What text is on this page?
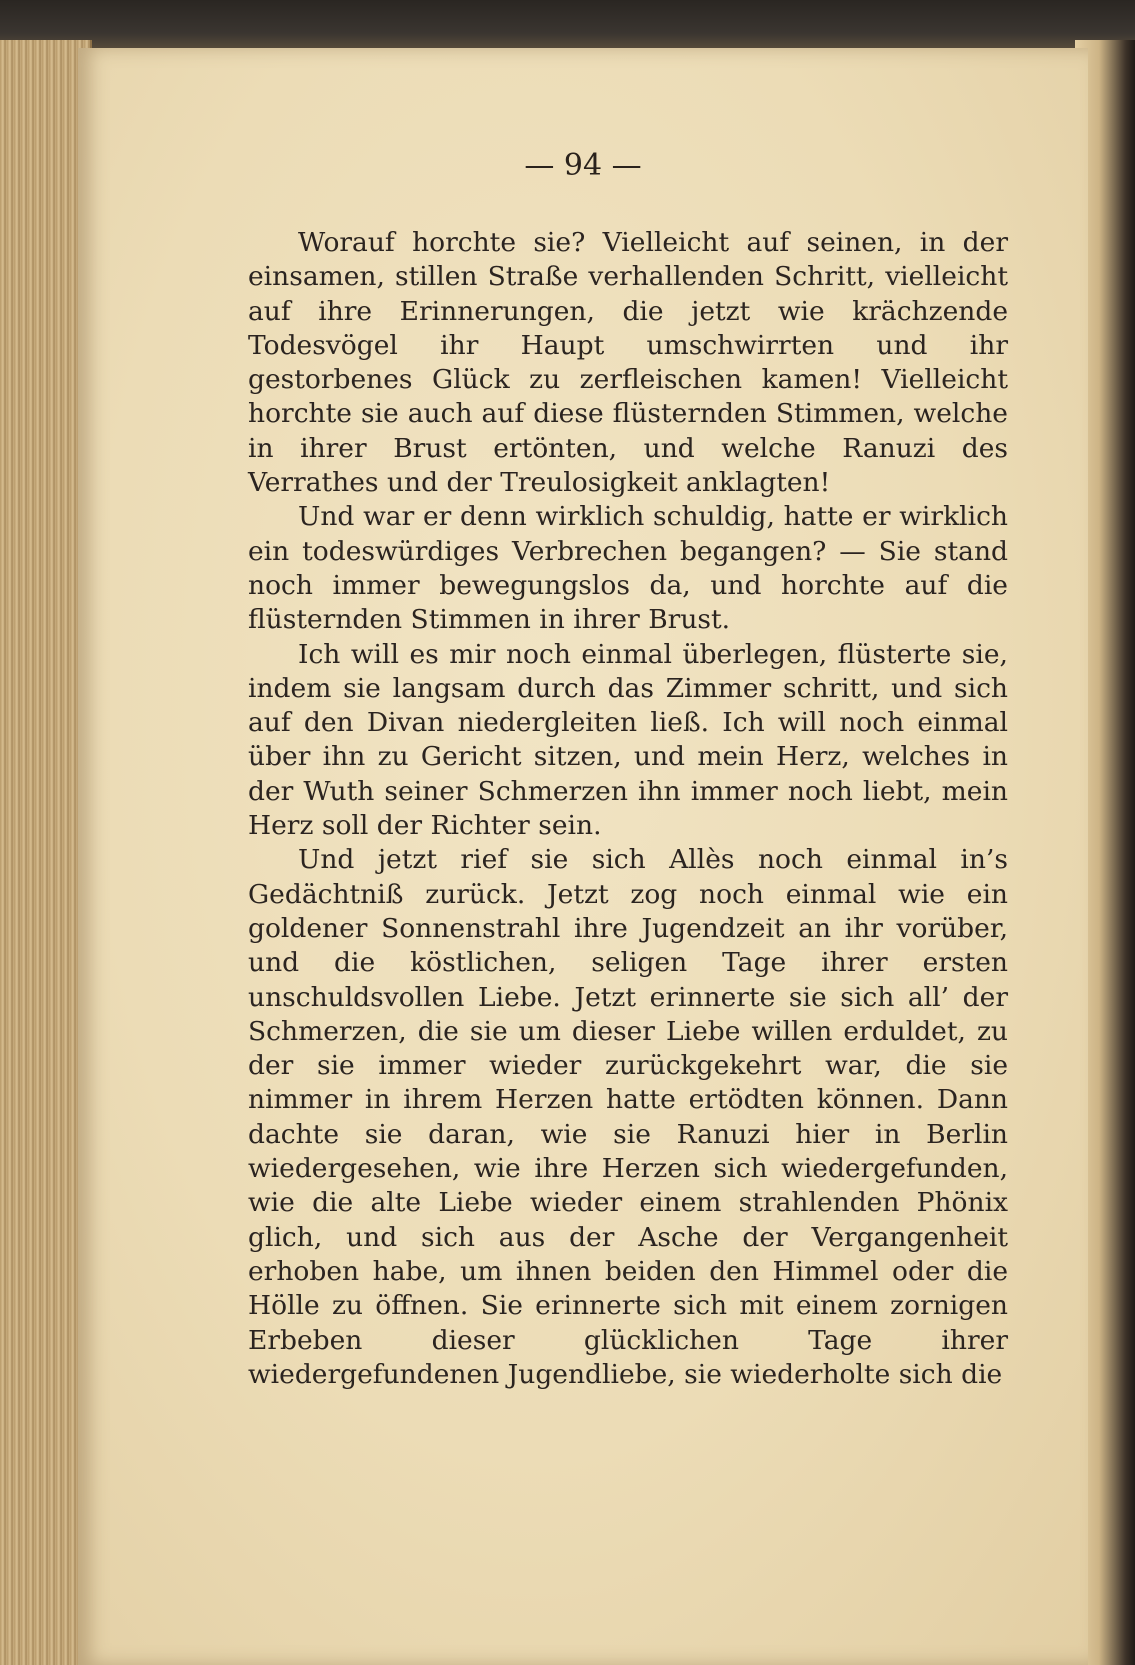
— 94 —

Worauf horchte sie? Vielleicht auf seinen, in der einsamen, stillen Straße verhallenden Schritt, vielleicht auf ihre Erinnerungen, die jetzt wie krächzende Todesvögel ihr Haupt umschwirrten und ihr gestorbenes Glück zu zerfleischen kamen! Vielleicht horchte sie auch auf diese flüsternden Stimmen, welche in ihrer Brust ertönten, und welche Ranuzi des Verrathes und der Treulosigkeit anklagten!

Und war er denn wirklich schuldig, hatte er wirklich ein todeswürdiges Verbrechen begangen? — Sie stand noch immer bewegungslos da, und horchte auf die flüsternden Stimmen in ihrer Brust.

Ich will es mir noch einmal überlegen, flüsterte sie, indem sie langsam durch das Zimmer schritt, und sich auf den Divan niedergleiten ließ. Ich will noch einmal über ihn zu Gericht sitzen, und mein Herz, welches in der Wuth seiner Schmerzen ihn immer noch liebt, mein Herz soll der Richter sein.

Und jetzt rief sie sich Allès noch einmal in’s Gedächtniß zurück. Jetzt zog noch einmal wie ein goldener Sonnenstrahl ihre Jugendzeit an ihr vorüber, und die köstlichen, seligen Tage ihrer ersten unschuldsvollen Liebe. Jetzt erinnerte sie sich all’ der Schmerzen, die sie um dieser Liebe willen erduldet, zu der sie immer wieder zurückgekehrt war, die sie nimmer in ihrem Herzen hatte ertödten können. Dann dachte sie daran, wie sie Ranuzi hier in Berlin wiedergesehen, wie ihre Herzen sich wiedergefunden, wie die alte Liebe wieder einem strahlenden Phönix glich, und sich aus der Asche der Vergangenheit erhoben habe, um ihnen beiden den Himmel oder die Hölle zu öffnen. Sie erinnerte sich mit einem zornigen Erbeben dieser glücklichen Tage ihrer wiedergefundenen Jugendliebe, sie wiederholte sich die
